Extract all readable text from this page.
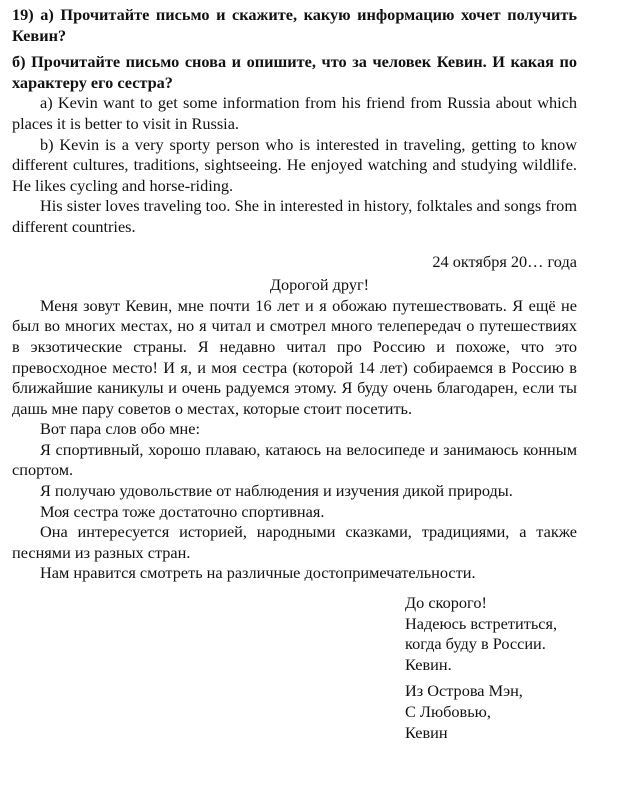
19) а) Прочитайте письмо и скажите, какую информацию хочет получить Кевин?

б) Прочитайте письмо снова и опишите, что за человек Кевин. И какая по характеру его сестра?

a) Kevin want to get some information from his friend from Russia about which places it is better to visit in Russia.

b) Kevin is a very sporty person who is interested in traveling, getting to know different cultures, traditions, sightseeing. He enjoyed watching and studying wildlife. He likes cycling and horse-riding.

His sister loves traveling too. She in interested in history, folktales and songs from different countries.

24 октября 20… года

Дорогой друг!

Меня зовут Кевин, мне почти 16 лет и я обожаю путешествовать. Я ещё не был во многих местах, но я читал и смотрел много телепередач о путешествиях в экзотические страны. Я недавно читал про Россию и похоже, что это превосходное место! И я, и моя сестра (которой 14 лет) собираемся в Россию в ближайшие каникулы и очень радуемся этому. Я буду очень благодарен, если ты дашь мне пару советов о местах, которые стоит посетить.

Вот пара слов обо мне:

Я спортивный, хорошо плаваю, катаюсь на велосипеде и занимаюсь конным спортом.

Я получаю удовольствие от наблюдения и изучения дикой природы.

Моя сестра тоже достаточно спортивная.

Она интересуется историей, народными сказками, традициями, а также песнями из разных стран.

Нам нравится смотреть на различные достопримечательности.

До скорого!

Надеюсь встретиться,

когда буду в России.

Кевин.

Из Острова Мэн,

С Любовью,

Кевин
